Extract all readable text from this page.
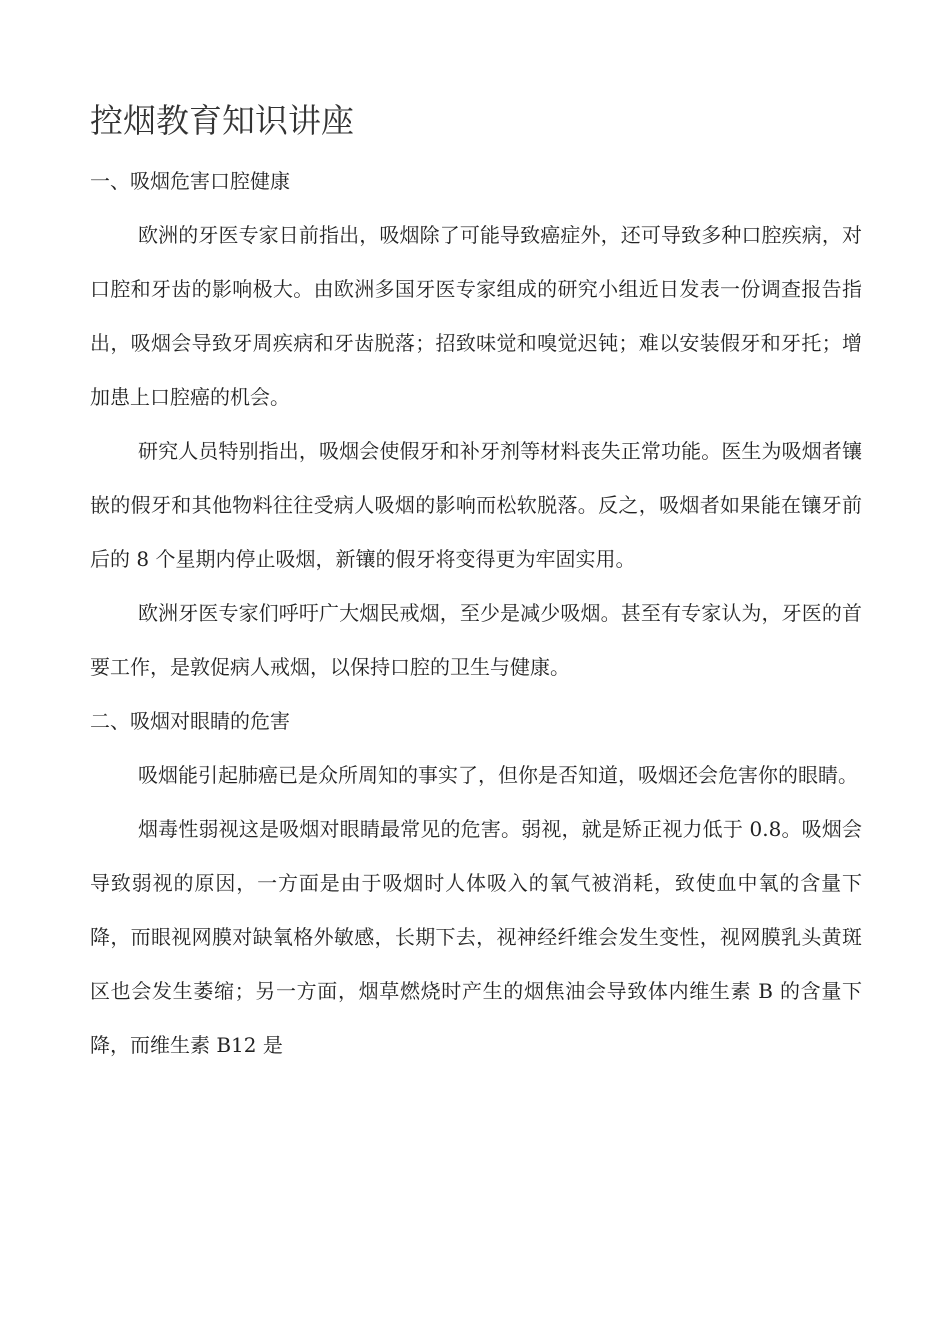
控烟教育知识讲座
一、吸烟危害口腔健康

欧洲的牙医专家日前指出，吸烟除了可能导致癌症外，还可导致多种口腔疾病，对口腔和牙齿的影响极大。由欧洲多国牙医专家组成的研究小组近日发表一份调查报告指出，吸烟会导致牙周疾病和牙齿脱落；招致味觉和嗅觉迟钝；难以安装假牙和牙托；增加患上口腔癌的机会。

研究人员特别指出，吸烟会使假牙和补牙剂等材料丧失正常功能。医生为吸烟者镶嵌的假牙和其他物料往往受病人吸烟的影响而松软脱落。反之，吸烟者如果能在镶牙前后的 8 个星期内停止吸烟，新镶的假牙将变得更为牢固实用。

欧洲牙医专家们呼吁广大烟民戒烟，至少是减少吸烟。甚至有专家认为，牙医的首要工作，是敦促病人戒烟，以保持口腔的卫生与健康。

二、吸烟对眼睛的危害

吸烟能引起肺癌已是众所周知的事实了，但你是否知道，吸烟还会危害你的眼睛。

烟毒性弱视这是吸烟对眼睛最常见的危害。弱视，就是矫正视力低于 0.8。吸烟会导致弱视的原因，一方面是由于吸烟时人体吸入的氧气被消耗，致使血中氧的含量下降，而眼视网膜对缺氧格外敏感，长期下去，视神经纤维会发生变性，视网膜乳头黄斑区也会发生萎缩；另一方面，烟草燃烧时产生的烟焦油会导致体内维生素 B 的含量下降，而维生素 B12 是
